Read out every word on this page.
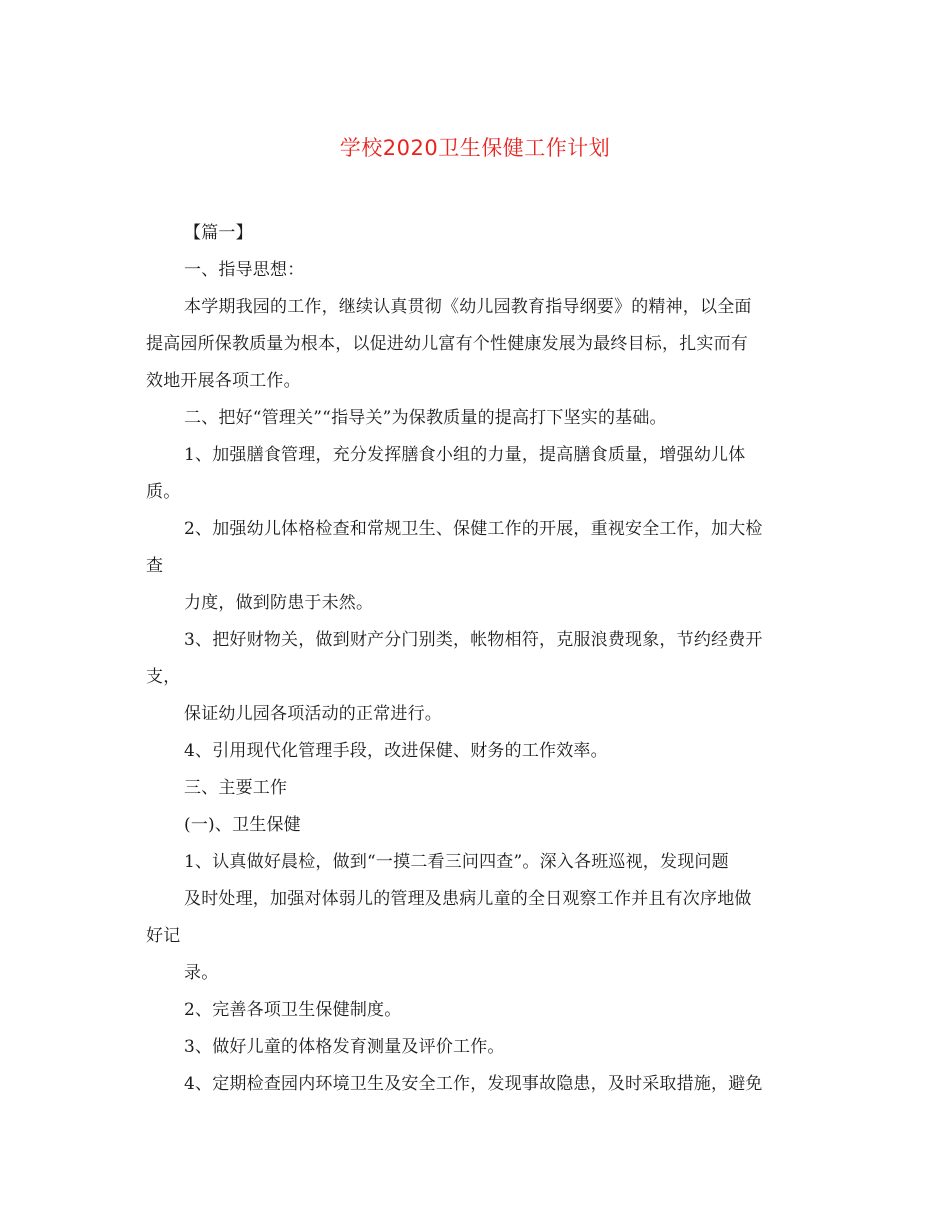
学校2020卫生保健工作计划
【篇一】
一、指导思想：
本学期我园的工作，继续认真贯彻《幼儿园教育指导纲要》的精神，以全面
提高园所保教质量为根本，以促进幼儿富有个性健康发展为最终目标，扎实而有
效地开展各项工作。
二、把好“管理关”“指导关”为保教质量的提高打下坚实的基础。
1、加强膳食管理，充分发挥膳食小组的力量，提高膳食质量，增强幼儿体
质。
2、加强幼儿体格检查和常规卫生、保健工作的开展，重视安全工作，加大检
查
力度，做到防患于未然。
3、把好财物关，做到财产分门别类，帐物相符，克服浪费现象，节约经费开
支，
保证幼儿园各项活动的正常进行。
4、引用现代化管理手段，改进保健、财务的工作效率。
三、主要工作
(一)、卫生保健
1、认真做好晨检，做到“一摸二看三问四查”。深入各班巡视，发现问题
及时处理，加强对体弱儿的管理及患病儿童的全日观察工作并且有次序地做
好记
录。
2、完善各项卫生保健制度。
3、做好儿童的体格发育测量及评价工作。
4、定期检查园内环境卫生及安全工作，发现事故隐患，及时采取措施，避免
